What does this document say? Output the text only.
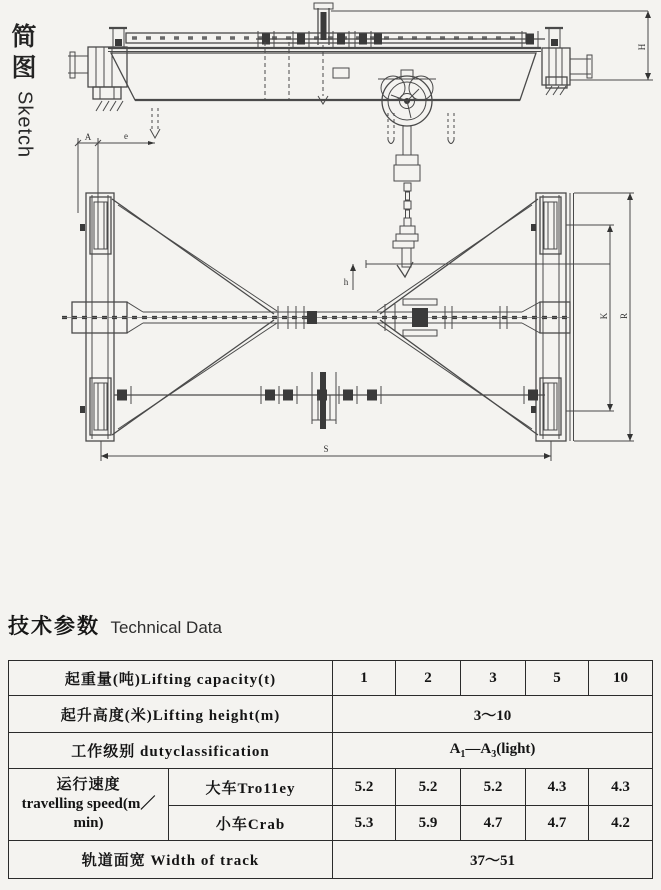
简图
Sketch
H
A	e
h
S
K R
技术参数 Technical Data
起重量(吨)Lifting capacity(t)		1	2	3	5	10
起升高度(米)Lifting height(m)		3～10				
工作级别 dutyclassification		$A_1—A_3(light)$				

运行速度
travelling speed(m／min)	大车Tro11ey	5.2	5.2	5.2	4.3	4.3
	小车Crab	5.3	5.9	4.7	4.7	4.2
轨道面宽 Width of track		37～51				
